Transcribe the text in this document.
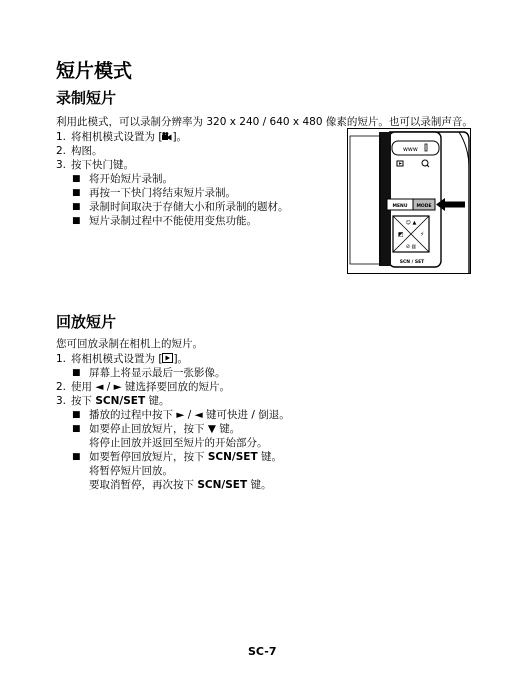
短片模式
录制短片
利用此模式，可以录制分辨率为 320 x 240 / 640 x 480 像素的短片。也可以录制声音。
1. 将相机模式设置为 [ ]。
2. 构图。
3. 按下快门键。
■ 将开始短片录制。
■ 再按一下快门将结束短片录制。
■ 录制时间取决于存储大小和所录制的题材。
■ 短片录制过程中不能使用变焦功能。
www
MENU MODE
☺ ▲
◩	⚡
⊘ ▥
SCN / SET
回放短片
您可回放录制在相机上的短片。
1. 将相机模式设置为 [ ]。
■ 屏幕上将显示最后一张影像。
2. 使用 ◄ / ► 键选择要回放的短片。
3. 按下 SCN/SET 键。
■ 播放的过程中按下 ► / ◄ 键可快进 / 倒退。
■ 如要停止回放短片，按下 ▼ 键。
将停止回放并返回至短片的开始部分。
■ 如要暂停回放短片，按下 SCN/SET 键。
将暂停短片回放。
要取消暂停，再次按下 SCN/SET 键。
SC-7
